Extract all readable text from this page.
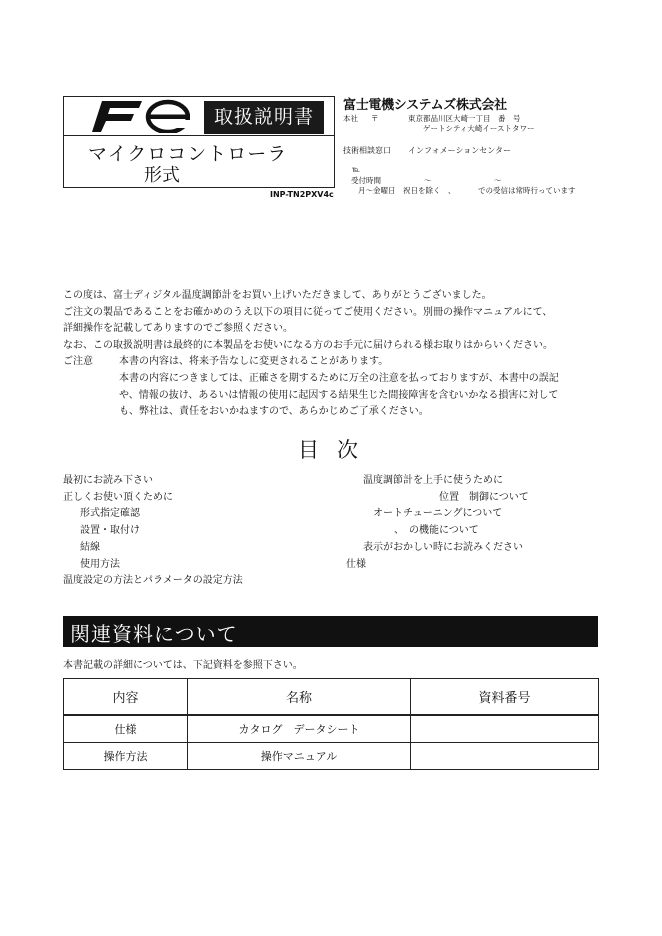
取扱説明書
マイクロコントローラ
形式
INP-TN2PXV4c
富士電機システムズ株式会社
本社 〒	東京都品川区大崎一丁目　番　号
ゲートシティ大崎イーストタワー
技術相談窓口 インフォメーションセンター
℡
受付時間	～	～
月～金曜日　祝日を除く　、	での受信は常時行っています
この度は、富士ディジタル温度調節計をお買い上げいただきまして、ありがとうございました。
ご注文の製品であることをお確かめのうえ以下の項目に従ってご使用ください。別冊の操作マニュアルにて、
詳細操作を記載してありますのでご参照ください。
なお、この取扱説明書は最終的に本製品をお使いになる方のお手元に届けられる様お取りはからいください。
ご注意	本書の内容は、将来予告なしに変更されることがあります。
本書の内容につきましては、正確さを期するために万全の注意を払っておりますが、本書中の誤記
や、情報の抜け、あるいは情報の使用に起因する結果生じた間接障害を含むいかなる損害に対して
も、弊社は、責任をおいかねますので、あらかじめご了承ください。
目次
最初にお読み下さい
正しくお使い頂くために
形式指定確認
設置・取付け
結線
使用方法
温度設定の方法とパラメータの設定方法
温度調節計を上手に使うために
位置　制御について
オートチューニングについて
、　の機能について
表示がおかしい時にお読みください
仕様
関連資料について
本書記載の詳細については、下記資料を参照下さい。
内容	名称	資料番号
仕様	カタログ　データシート	
操作方法	操作マニュアル	
